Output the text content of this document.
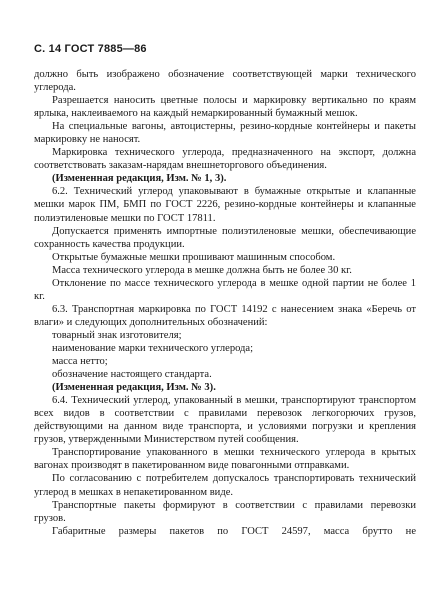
С. 14 ГОСТ 7885—86

должно быть изображено обозначение соответствующей марки технического углерода.

Разрешается наносить цветные полосы и маркировку вертикально по краям ярлыка, наклеиваемого на каждый немаркированный бумажный мешок.

На специальные вагоны, автоцистерны, резино-кордные контейнеры и пакеты маркировку не наносят.

Маркировка технического углерода, предназначенного на экспорт, должна соответствовать заказам-нарядам внешнеторгового объединения.

(Измененная редакция, Изм. № 1, 3).

6.2. Технический углерод упаковывают в бумажные открытые и клапанные мешки марок ПМ, БМП по ГОСТ 2226, резино-кордные контейнеры и клапанные полиэтиленовые мешки по ГОСТ 17811.

Допускается применять импортные полиэтиленовые мешки, обеспечивающие сохранность качества продукции.

Открытые бумажные мешки прошивают машинным способом.

Масса технического углерода в мешке должна быть не более 30 кг.

Отклонение по массе технического углерода в мешке одной партии не более 1 кг.

6.3. Транспортная маркировка по ГОСТ 14192 с нанесением знака «Беречь от влаги» и следующих дополнительных обозначений:

товарный знак изготовителя;

наименование марки технического углерода;

масса нетто;

обозначение настоящего стандарта.

(Измененная редакция, Изм. № 3).

6.4. Технический углерод, упакованный в мешки, транспортируют транспортом всех видов в соответствии с правилами перевозок легкогорючих грузов, действующими на данном виде транспорта, и условиями погрузки и крепления грузов, утвержденными Министерством путей сообщения.

Транспортирование упакованного в мешки технического углерода в крытых вагонах производят в пакетированном виде повагонными отправками.

По согласованию с потребителем допускалось транспортировать технический углерод в мешках в непакетированном виде.

Транспортные пакеты формируют в соответствии с правилами перевозки грузов.

Габаритные размеры пакетов по ГОСТ 24597, масса брутто не
